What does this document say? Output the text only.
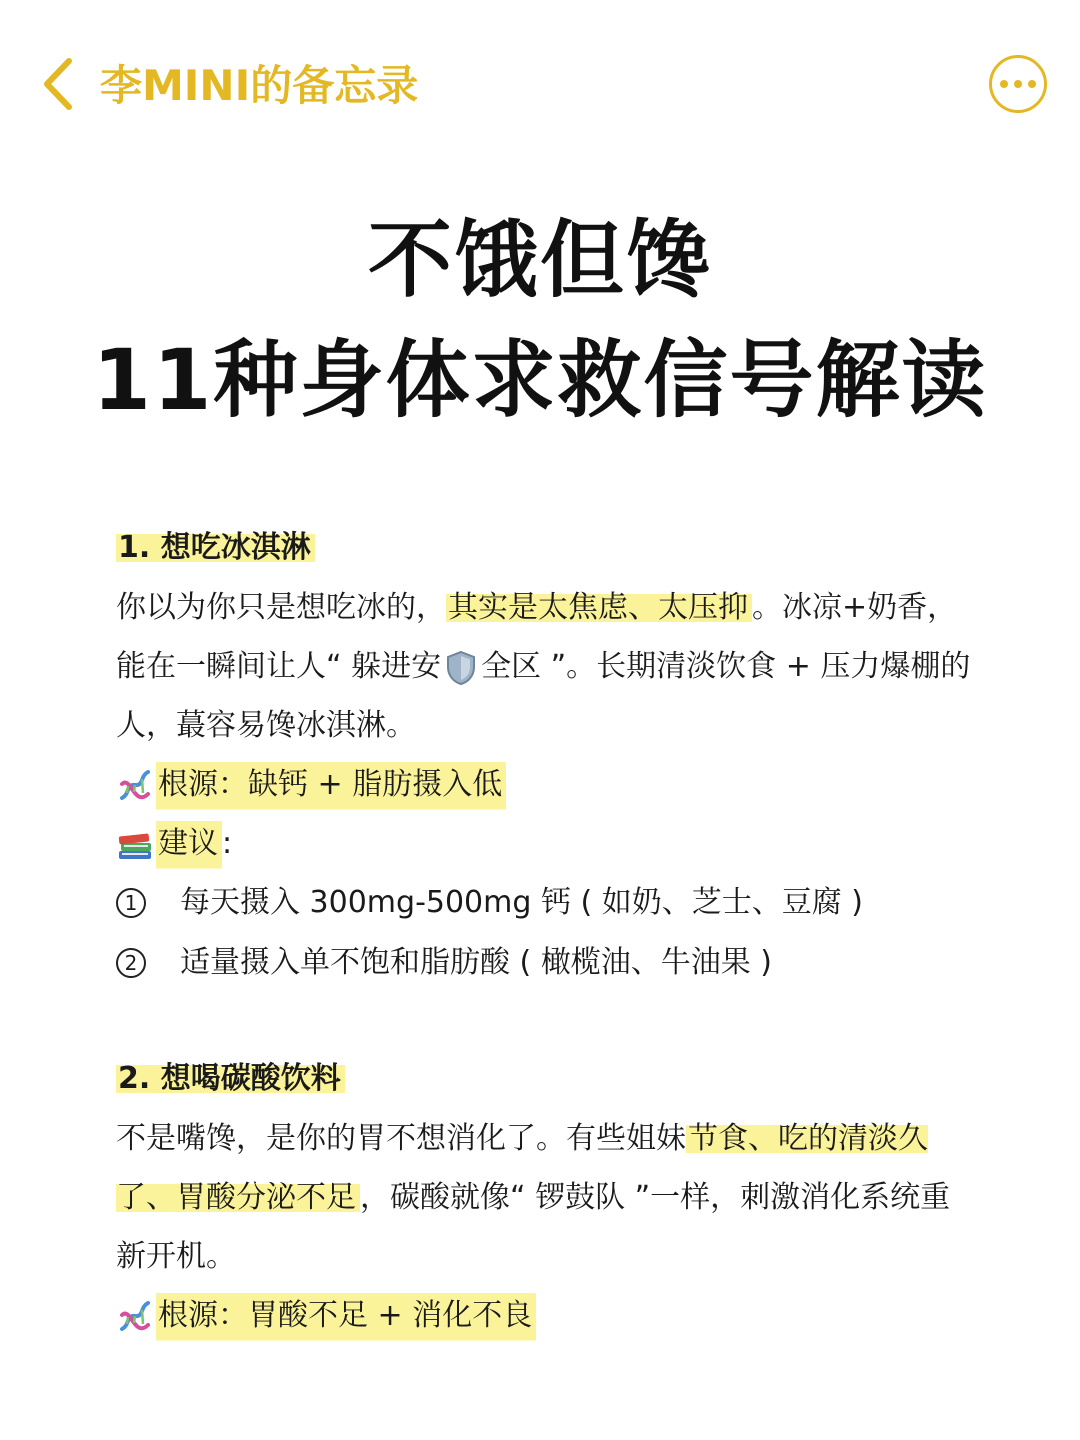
李MINI的备忘录
不饿但馋
11种身体求救信号解读
1. 想吃冰淇淋

你以为你只是想吃冰的，其实是太焦虑、太压抑 。冰凉+奶香，能在一瞬间让人“ 躲进安 全区 ”。长期清淡饮食 + 压力爆棚的人，蕞容易馋冰淇淋。

根源：缺钙 + 脂肪摄入低
建议 :
1 每天摄入 300mg-500mg 钙 ( 如奶、芝士、豆腐 )
2 适量摄入单不饱和脂肪酸 ( 橄榄油、牛油果 )
2. 想喝碳酸饮料

不是嘴馋，是你的胃不想消化了。有些姐妹节食、吃的清淡久了、胃酸分泌不足 ，碳酸就像“ 锣鼓队 ”一样，刺激消化系统重新开机。

根源：胃酸不足 + 消化不良
